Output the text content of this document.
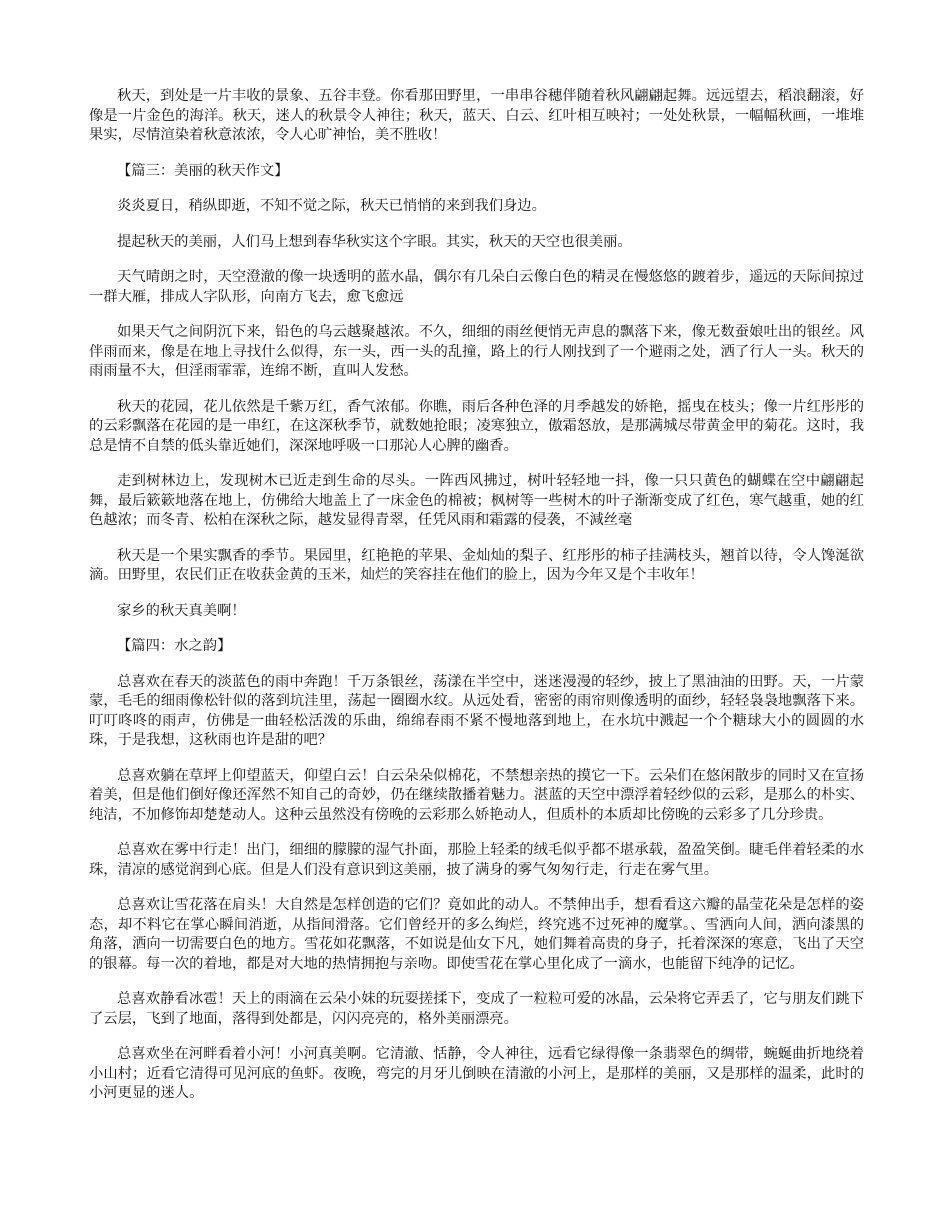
秋天，到处是一片丰收的景象、五谷丰登。你看那田野里，一串串谷穗伴随着秋风翩翩起舞。远远望去，稻浪翻滚，好像是一片金色的海洋。秋天，迷人的秋景令人神往；秋天，蓝天、白云、红叶相互映衬；一处处秋景，一幅幅秋画，一堆堆果实，尽情渲染着秋意浓浓，令人心旷神怡，美不胜收！

【篇三：美丽的秋天作文】

炎炎夏日，稍纵即逝，不知不觉之际，秋天已悄悄的来到我们身边。

提起秋天的美丽，人们马上想到春华秋实这个字眼。其实，秋天的天空也很美丽。

天气晴朗之时，天空澄澈的像一块透明的蓝水晶，偶尔有几朵白云像白色的精灵在慢悠悠的踱着步，遥远的天际间掠过一群大雁，排成人字队形，向南方飞去，愈飞愈远

如果天气之间阴沉下来，铅色的乌云越聚越浓。不久，细细的雨丝便悄无声息的飘落下来，像无数蚕娘吐出的银丝。风伴雨而来，像是在地上寻找什么似得，东一头，西一头的乱撞，路上的行人刚找到了一个避雨之处，洒了行人一头。秋天的雨雨量不大，但淫雨霏霏，连绵不断，直叫人发愁。

秋天的花园，花儿依然是千紫万红，香气浓郁。你瞧，雨后各种色泽的月季越发的娇艳，摇曳在枝头；像一片红彤彤的的云彩飘落在花园的是一串红，在这深秋季节，就数她抢眼；凌寒独立，傲霜怒放，是那满城尽带黄金甲的菊花。这时，我总是情不自禁的低头靠近她们，深深地呼吸一口那沁人心脾的幽香。

走到树林边上，发现树木已近走到生命的尽头。一阵西风拂过，树叶轻轻地一抖，像一只只黄色的蝴蝶在空中翩翩起舞，最后簌簌地落在地上，仿佛给大地盖上了一床金色的棉被；枫树等一些树木的叶子渐渐变成了红色，寒气越重，她的红色越浓；而冬青、松柏在深秋之际，越发显得青翠，任凭风雨和霜露的侵袭，不減丝毫

秋天是一个果实飘香的季节。果园里，红艳艳的苹果、金灿灿的梨子、红彤彤的柿子挂满枝头，翘首以待，令人馋涎欲滴。田野里，农民们正在收获金黄的玉米，灿烂的笑容挂在他们的脸上，因为今年又是个丰收年！

家乡的秋天真美啊！

【篇四：水之韵】

总喜欢在春天的淡蓝色的雨中奔跑！千万条银丝，荡漾在半空中，迷迷漫漫的轻纱，披上了黑油油的田野。天，一片蒙蒙，毛毛的细雨像松针似的落到坑洼里，荡起一圈圈水纹。从远处看，密密的雨帘则像透明的面纱，轻轻袅袅地飘落下来。叮叮咚咚的雨声，仿佛是一曲轻松活泼的乐曲，绵绵春雨不紧不慢地落到地上，在水坑中溅起一个个糖球大小的圆圆的水珠，于是我想，这秋雨也许是甜的吧？

总喜欢躺在草坪上仰望蓝天，仰望白云！白云朵朵似棉花，不禁想亲热的摸它一下。云朵们在悠闲散步的同时又在宣扬着美，但是他们倒好像还浑然不知自己的奇妙，仍在继续散播着魅力。湛蓝的天空中漂浮着轻纱似的云彩，是那么的朴实、纯洁，不加修饰却楚楚动人。这种云虽然没有傍晚的云彩那么娇艳动人，但质朴的本质却比傍晚的云彩多了几分珍贵。

总喜欢在雾中行走！出门，细细的朦朦的湿气扑面，那脸上轻柔的绒毛似乎都不堪承载，盈盈笑倒。睫毛伴着轻柔的水珠，清凉的感觉润到心底。但是人们没有意识到这美丽，披了满身的雾气匆匆行走，行走在雾气里。

总喜欢让雪花落在肩头！大自然是怎样创造的它们？竟如此的动人。不禁伸出手，想看看这六瓣的晶莹花朵是怎样的姿态，却不料它在掌心瞬间消逝，从指间滑落。它们曾经开的多么绚烂，终究逃不过死神的魔掌。、雪洒向人间，洒向漆黑的角落，洒向一切需要白色的地方。雪花如花飘落，不如说是仙女下凡，她们舞着高贵的身子，托着深深的寒意，飞出了天空的银幕。每一次的着地，都是对大地的热情拥抱与亲吻。即使雪花在掌心里化成了一滴水，也能留下纯净的记忆。

总喜欢静看冰雹！天上的雨滴在云朵小妹的玩耍搓揉下，变成了一粒粒可爱的冰晶，云朵将它弄丢了，它与朋友们跳下了云层，飞到了地面，落得到处都是，闪闪亮亮的，格外美丽漂亮。

总喜欢坐在河畔看着小河！小河真美啊。它清澈、恬静，令人神往，远看它绿得像一条翡翠色的绸带，蜿蜒曲折地绕着小山村；近看它清得可见河底的鱼虾。夜晚，弯完的月牙儿倒映在清澈的小河上，是那样的美丽，又是那样的温柔，此时的小河更显的迷人。
